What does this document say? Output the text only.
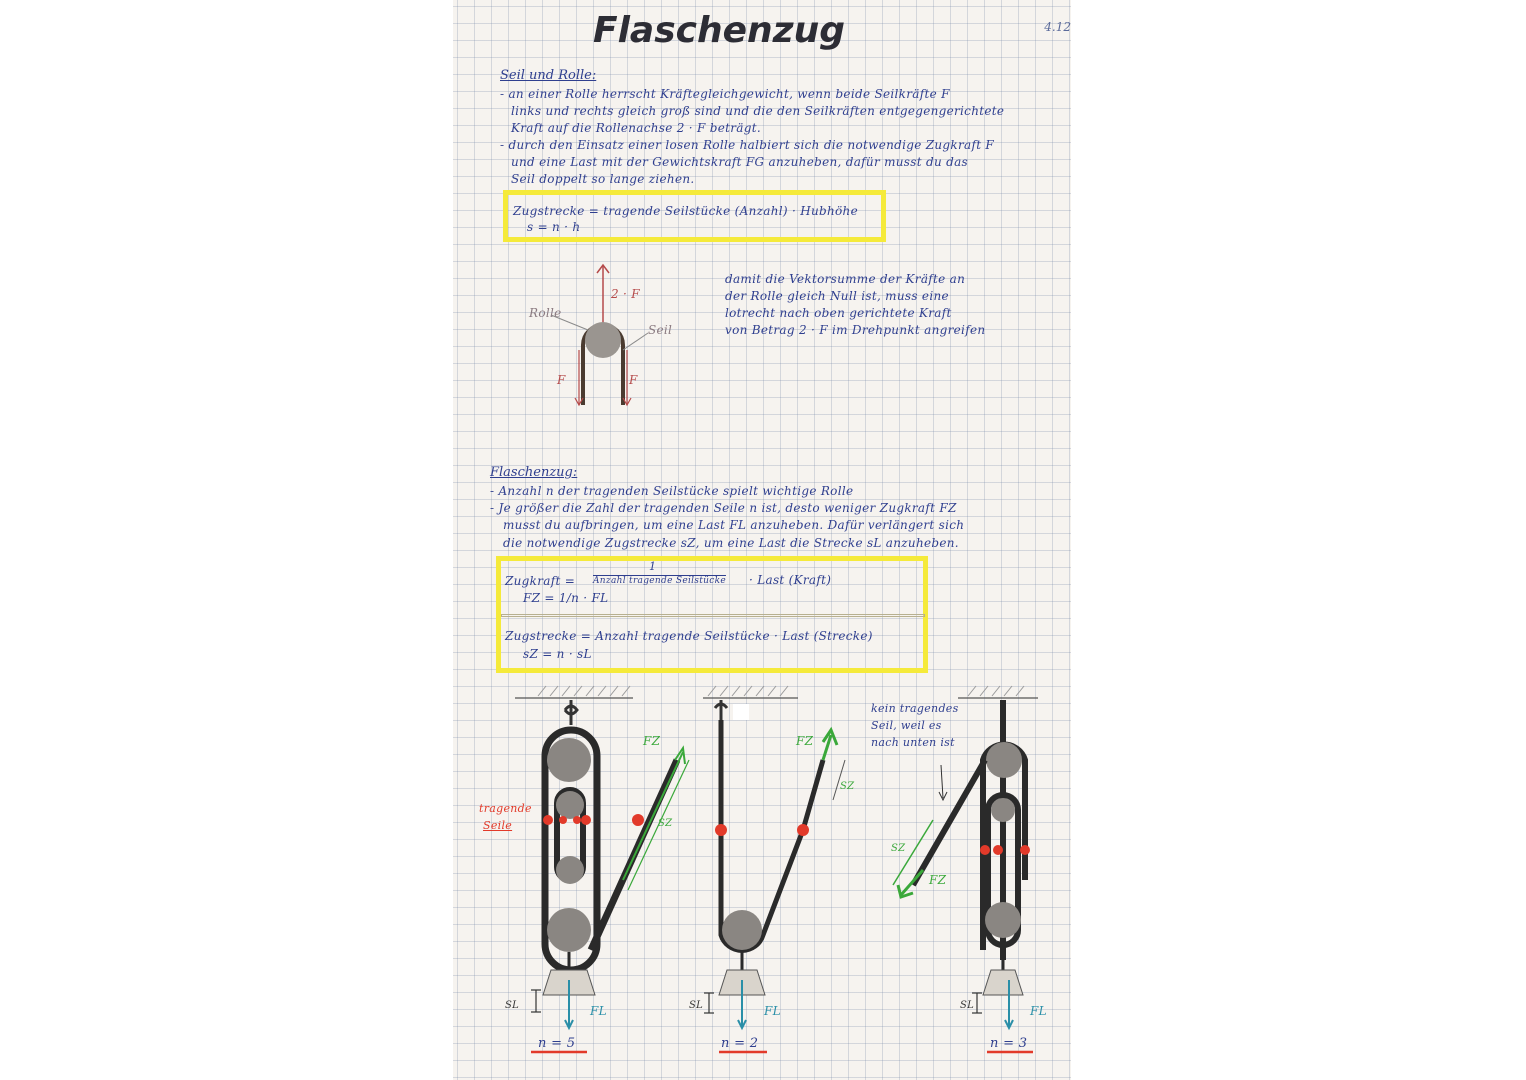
Flaschenzug	4.12
Seil und Rolle:
- an einer Rolle herrscht Kräftegleichgewicht, wenn beide Seilkräfte F
links und rechts gleich groß sind und die den Seilkräften entgegengerichtete
Kraft auf die Rollenachse 2 · F beträgt.
- durch den Einsatz einer losen Rolle halbiert sich die notwendige Zugkraft F
und eine Last mit der Gewichtskraft FG anzuheben, dafür musst du das
Seil doppelt so lange ziehen.
Zugstrecke = tragende Seilstücke (Anzahl) · Hubhöhe
s = n · h
Rolle
Seil
2 · F
F	F
damit die Vektorsumme der Kräfte an
der Rolle gleich Null ist, muss eine
lotrecht nach oben gerichtete Kraft
von Betrag 2 · F im Drehpunkt angreifen
Flaschenzug:
- Anzahl n der tragenden Seilstücke spielt wichtige Rolle
- Je größer die Zahl der tragenden Seile n ist, desto weniger Zugkraft FZ
musst du aufbringen, um eine Last FL anzuheben. Dafür verlängert sich
die notwendige Zugstrecke sZ, um eine Last die Strecke sL anzuheben.
1
Zugkraft = Anzahl tragende Seilstücke · Last (Kraft)
FZ = 1/n · FL
Zugstrecke = Anzahl tragende Seilstücke · Last (Strecke)
sZ = n · sL
tragende
Seile
kein tragendes
Seil, weil es
nach unten ist
FZ
SZ
FZ
SZ
SZ
FZ
SL	SL	SL
FL	FL	FL
n = 5	n = 2	n = 3
